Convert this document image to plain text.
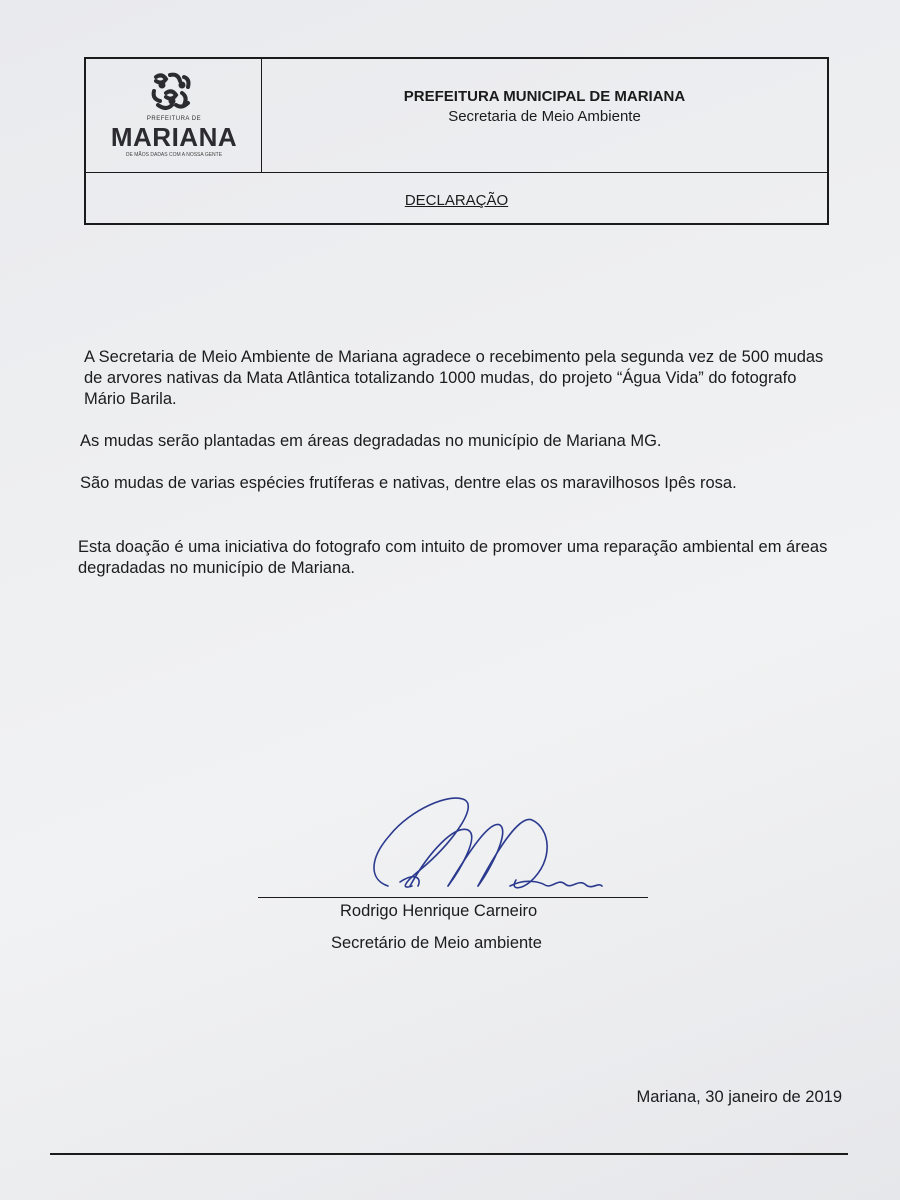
PREFEITURA DE
MARIANA
DE MÃOS DADAS COM A NOSSA GENTE
PREFEITURA MUNICIPAL DE MARIANA
Secretaria de Meio Ambiente
DECLARAÇÃO

A Secretaria de Meio Ambiente de Mariana agradece o recebimento pela segunda vez de 500 mudas de arvores nativas da Mata Atlântica totalizando 1000 mudas, do projeto “Água Vida” do fotografo Mário Barila.

As mudas serão plantadas em áreas degradadas no município de Mariana MG.

São mudas de varias espécies frutíferas e nativas, dentre elas os maravilhosos Ipês rosa.

Esta doação é uma iniciativa do fotografo com intuito de promover uma reparação ambiental em áreas degradadas no município de Mariana.

Rodrigo Henrique Carneiro
Secretário de Meio ambiente
Mariana, 30 janeiro de 2019
